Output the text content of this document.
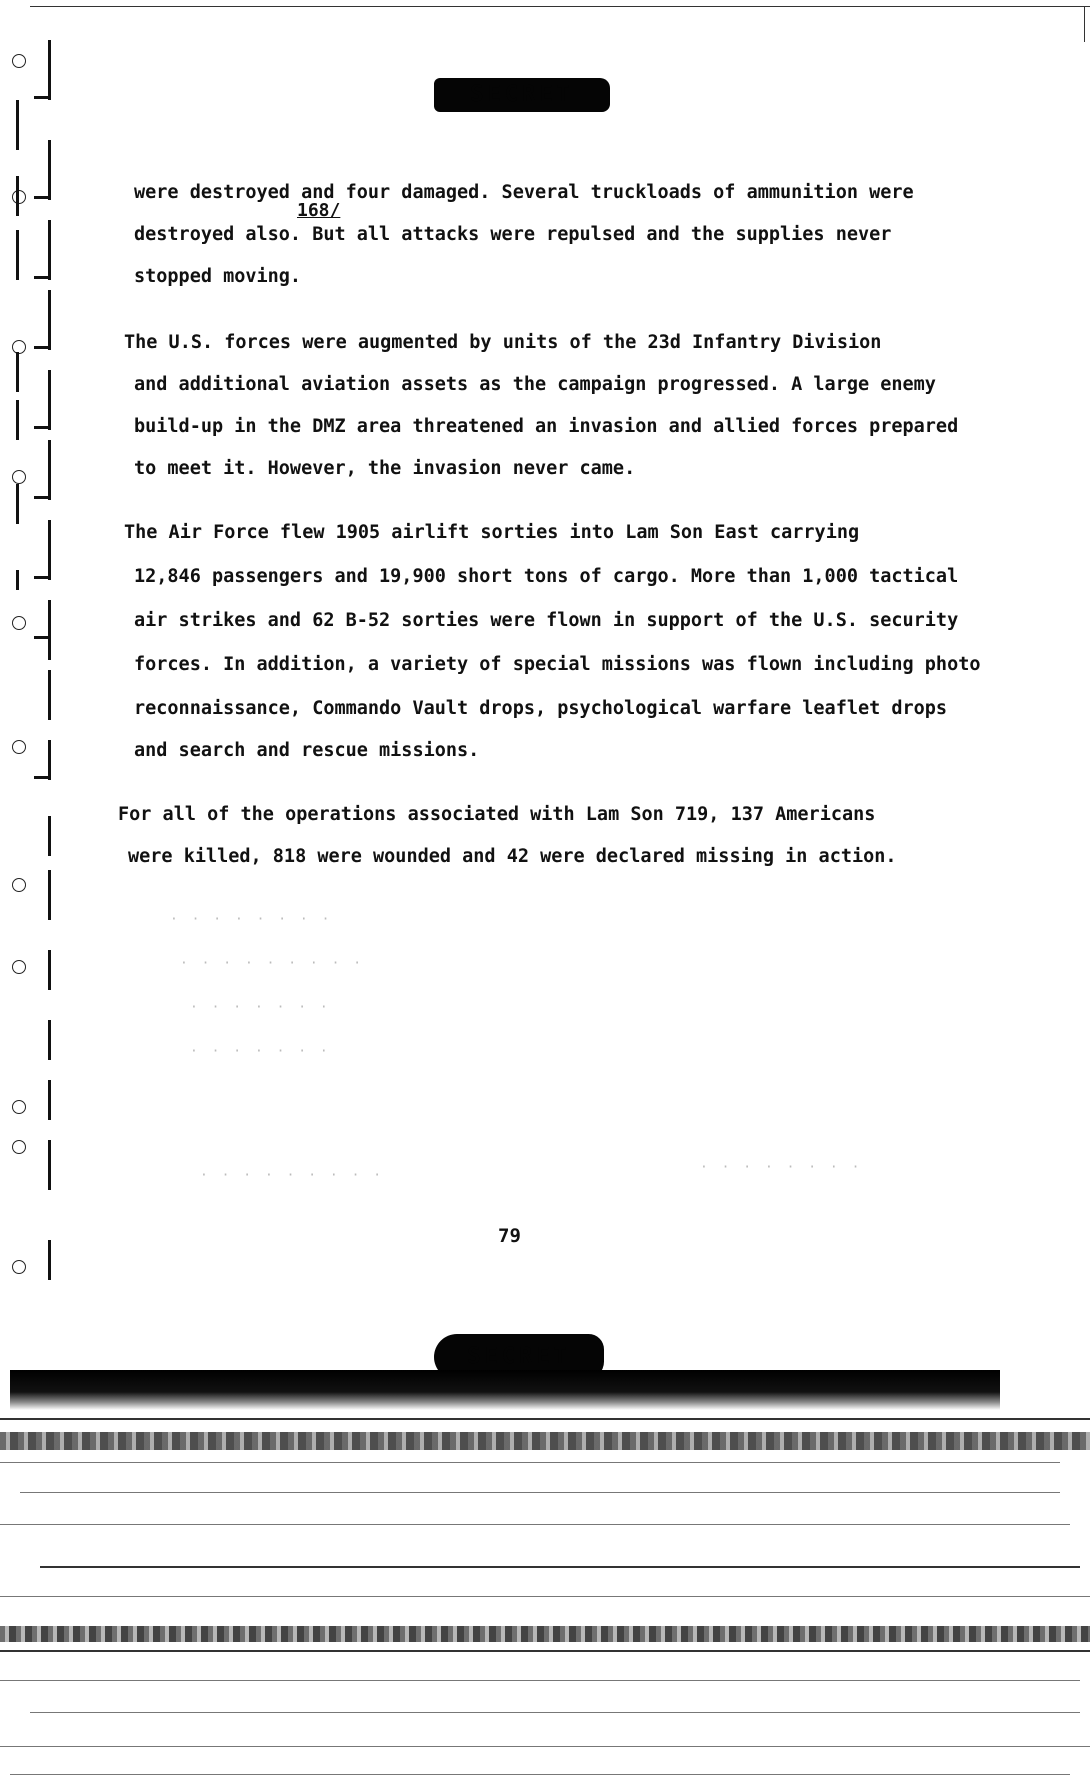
SECRET
were destroyed and four damaged. Several truckloads of ammunition were
destroyed also. But all attacks were repulsed and the supplies never
stopped moving.
The U.S. forces were augmented by units of the 23d Infantry Division
and additional aviation assets as the campaign progressed. A large enemy
build-up in the DMZ area threatened an invasion and allied forces prepared
to meet it. However, the invasion never came.
The Air Force flew 1905 airlift sorties into Lam Son East carrying
12,846 passengers and 19,900 short tons of cargo. More than 1,000 tactical
air strikes and 62 B-52 sorties were flown in support of the U.S. security
forces. In addition, a variety of special missions was flown including photo
reconnaissance, Commando Vault drops, psychological warfare leaflet drops
and search and rescue missions.
For all of the operations associated with Lam Son 719, 137 Americans
were killed, 818 were wounded and 42 were declared missing in action.
168/
· · · · · · · ·
· · · · · · · · ·
· · · · · · ·
· · · · · · ·
· · · · · · · · ·
· · · · · · · ·
79
SECRET
